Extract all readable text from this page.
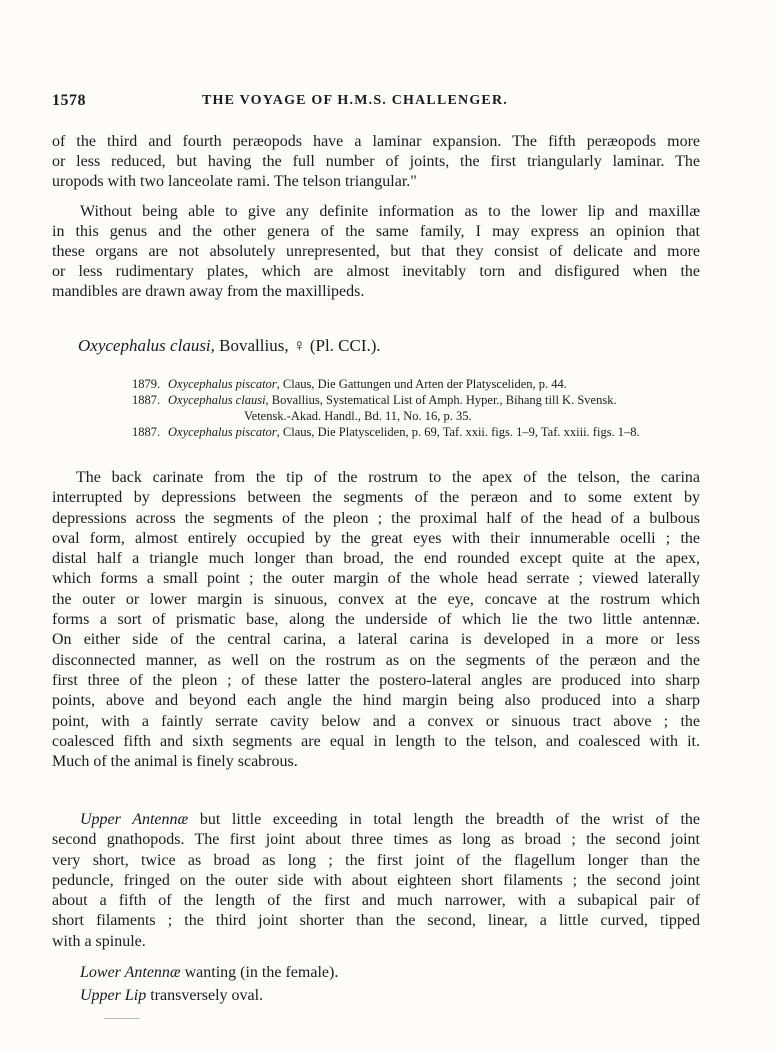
1578	THE VOYAGE OF H.M.S. CHALLENGER.
of the third and fourth peræopods have a laminar expansion. The fifth peræopods more
or less reduced, but having the full number of joints, the first triangularly laminar. The
uropods with two lanceolate rami. The telson triangular."
Without being able to give any definite information as to the lower lip and maxillæ
in this genus and the other genera of the same family, I may express an opinion that
these organs are not absolutely unrepresented, but that they consist of delicate and more
or less rudimentary plates, which are almost inevitably torn and disfigured when the
mandibles are drawn away from the maxillipeds.

Oxycephalus clausi, Bovallius, ♀ (Pl. CCI.).

1879. Oxycephalus piscator, Claus, Die Gattungen und Arten der Platysceliden, p. 44.
1887. Oxycephalus clausi, Bovallius, Systematical List of Amph. Hyper., Bihang till K. Svensk.
Vetensk.-Akad. Handl., Bd. 11, No. 16, p. 35.
1887. Oxycephalus piscator, Claus, Die Platysceliden, p. 69, Taf. xxii. figs. 1–9, Taf. xxiii. figs. 1–8.
The back carinate from the tip of the rostrum to the apex of the telson, the carina
interrupted by depressions between the segments of the peræon and to some extent by
depressions across the segments of the pleon ; the proximal half of the head of a bulbous
oval form, almost entirely occupied by the great eyes with their innumerable ocelli ; the
distal half a triangle much longer than broad, the end rounded except quite at the apex,
which forms a small point ; the outer margin of the whole head serrate ; viewed laterally
the outer or lower margin is sinuous, convex at the eye, concave at the rostrum which
forms a sort of prismatic base, along the underside of which lie the two little antennæ.
On either side of the central carina, a lateral carina is developed in a more or less
disconnected manner, as well on the rostrum as on the segments of the peræon and the
first three of the pleon ; of these latter the postero-lateral angles are produced into sharp
points, above and beyond each angle the hind margin being also produced into a sharp
point, with a faintly serrate cavity below and a convex or sinuous tract above ; the
coalesced fifth and sixth segments are equal in length to the telson, and coalesced with it.
Much of the animal is finely scabrous.
Upper Antennæ but little exceeding in total length the breadth of the wrist of the
second gnathopods. The first joint about three times as long as broad ; the second joint
very short, twice as broad as long ; the first joint of the flagellum longer than the
peduncle, fringed on the outer side with about eighteen short filaments ; the second joint
about a fifth of the length of the first and much narrower, with a subapical pair of
short filaments ; the third joint shorter than the second, linear, a little curved, tipped
with a spinule.

Lower Antennæ wanting (in the female).

Upper Lip transversely oval.
